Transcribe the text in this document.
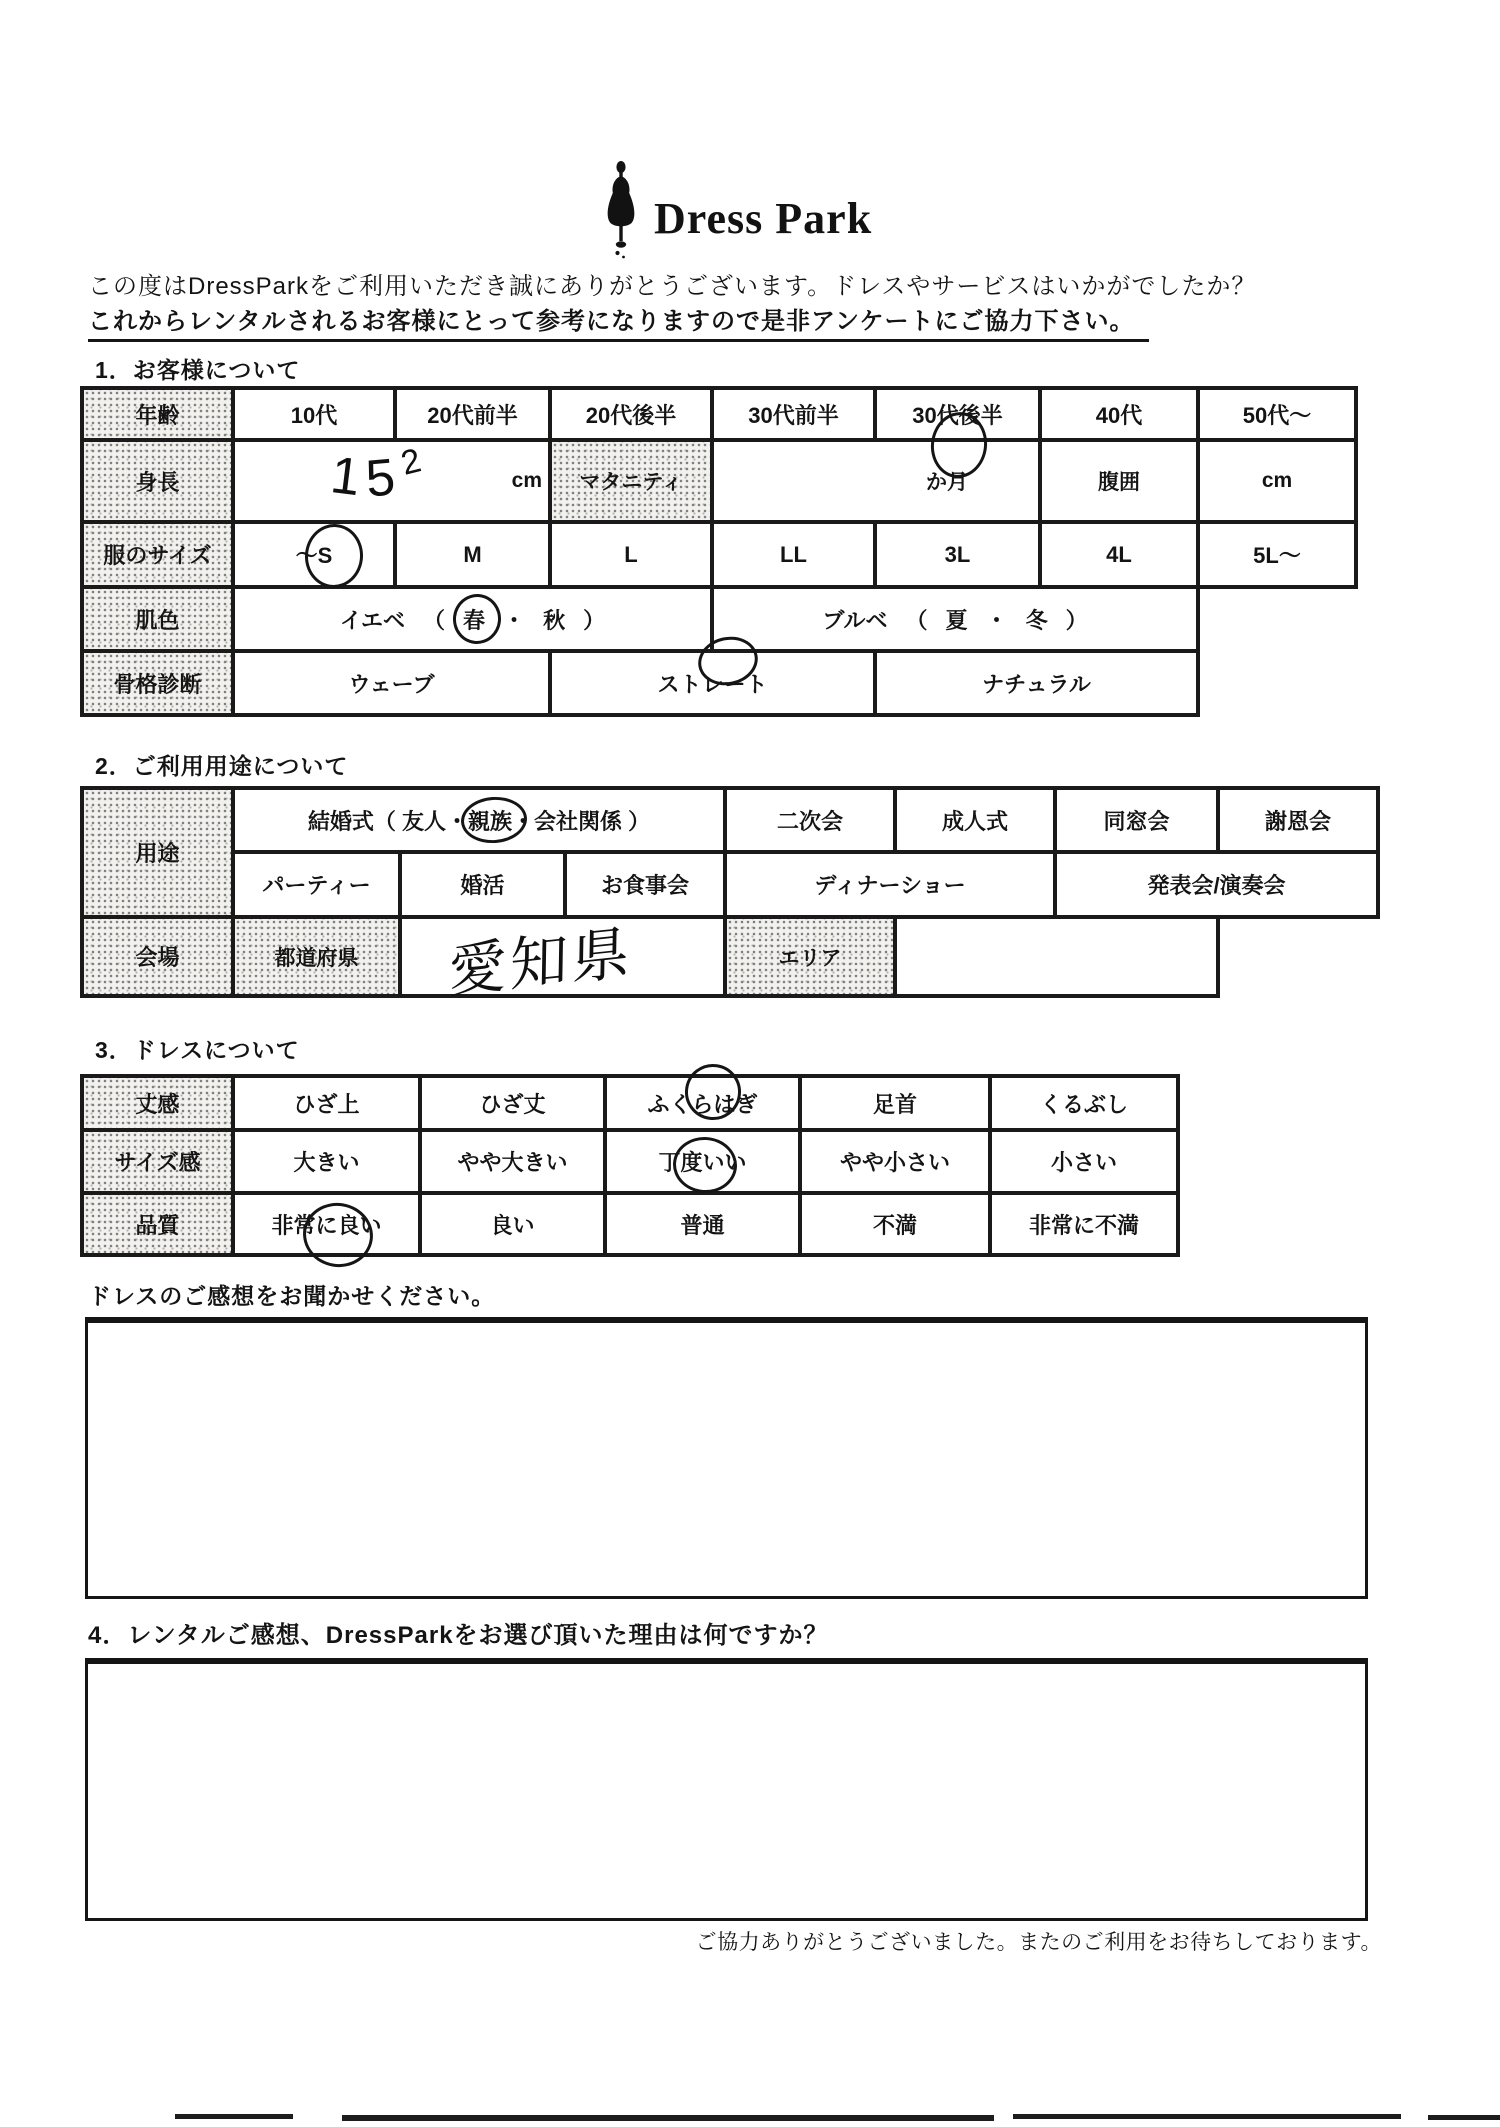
Dress Park
この度はDressParkをご利用いただき誠にありがとうございます。ドレスやサービスはいかがでしたか？
これからレンタルされるお客様にとって参考になりますので是非アンケートにご協力下さい。
1．お客様について
年齢	10代	20代前半	20代後半	30代前半	30代後半	40代	50代～
身長	152	cm	マタニティ	か月	腹囲	cm
服のサイズ	～S	M	L	LL	3L	4L	5L～
肌色	イエベ （ 春 ・ 秋 ）	ブルベ （ 夏 ・ 冬 ）
骨格診断	ウェーブ	ストレート	ナチュラル
2．ご利用用途について
用途
結婚式（ 友人・ 親族 ・会社関係 ）	二次会	成人式	同窓会	謝恩会
パーティー	婚活	お食事会	ディナーショー	発表会/演奏会
会場	都道府県	愛知県	エリア
3．ドレスについて
丈感	ひざ上	ひざ丈	ふくらはぎ	足首	くるぶし
サイズ感	大きい	やや大きい	丁度いい	やや小さい	小さい
品質	非常に良い	良い	普通	不満	非常に不満
ドレスのご感想をお聞かせください。
4．レンタルご感想、DressParkをお選び頂いた理由は何ですか？
ご協力ありがとうございました。またのご利用をお待ちしております。
